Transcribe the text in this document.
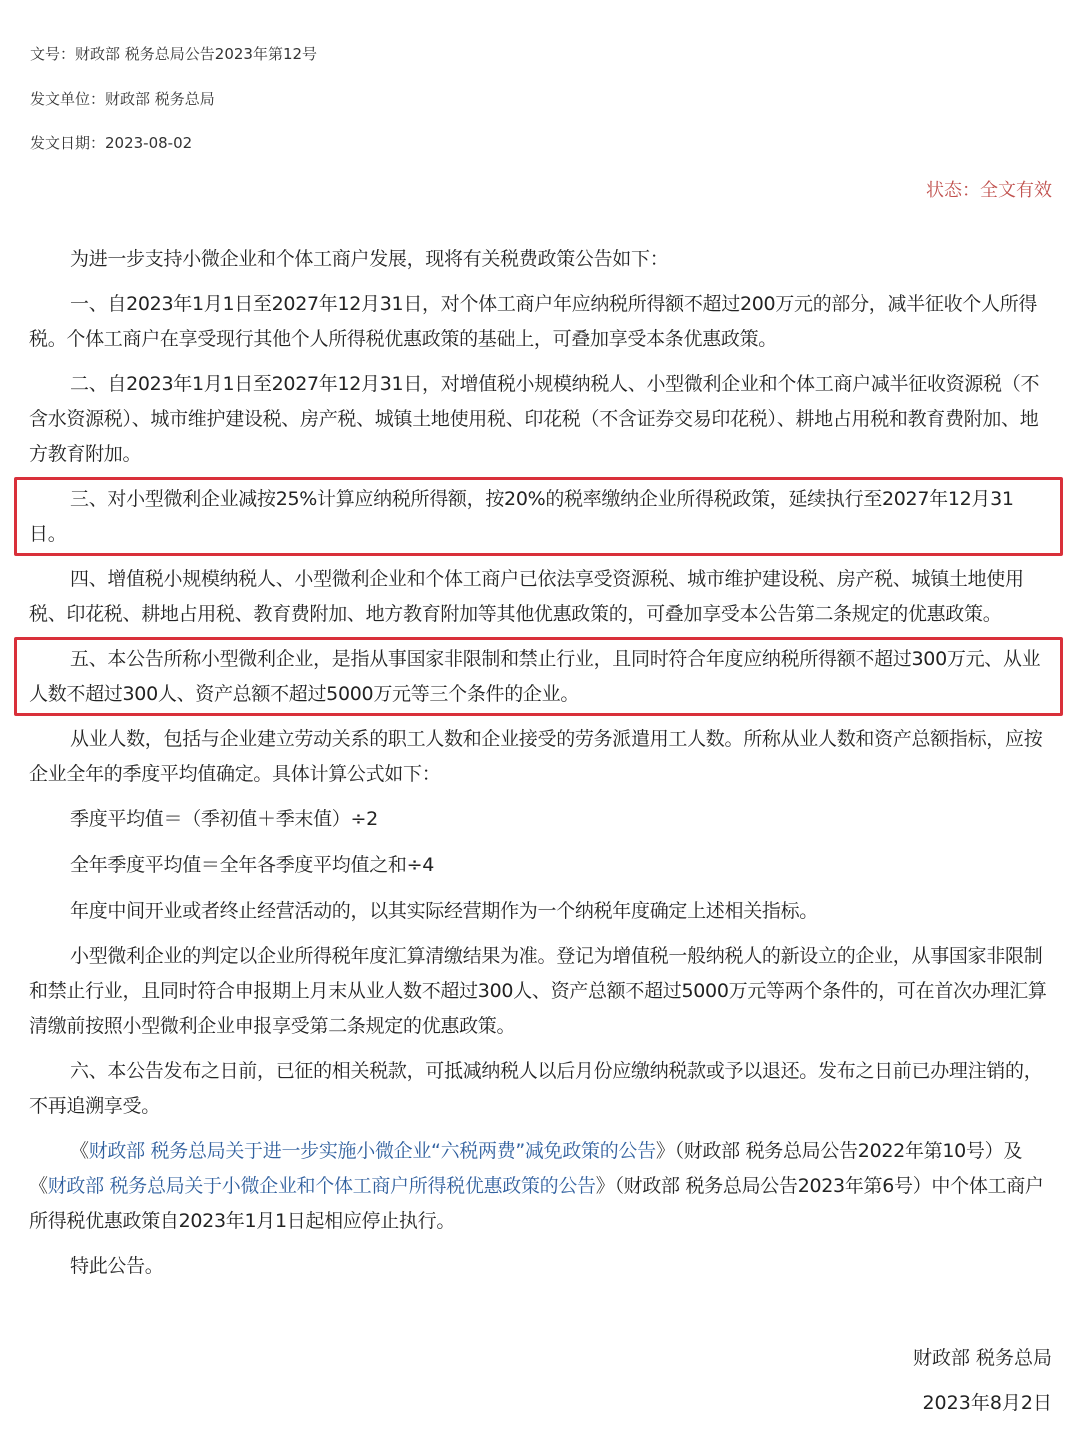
文号：财政部 税务总局公告2023年第12号
发文单位：财政部 税务总局
发文日期：2023-08-02
状态：全文有效

为进一步支持小微企业和个体工商户发展，现将有关税费政策公告如下：

一、自2023年1月1日至2027年12月31日，对个体工商户年应纳税所得额不超过200万元的部分，减半征收个人所得税。个体工商户在享受现行其他个人所得税优惠政策的基础上，可叠加享受本条优惠政策。

二、自2023年1月1日至2027年12月31日，对增值税小规模纳税人、小型微利企业和个体工商户减半征收资源税（不含水资源税）、城市维护建设税、房产税、城镇土地使用税、印花税（不含证券交易印花税）、耕地占用税和教育费附加、地方教育附加。

三、对小型微利企业减按25%计算应纳税所得额，按20%的税率缴纳企业所得税政策，延续执行至2027年12月31日。

四、增值税小规模纳税人、小型微利企业和个体工商户已依法享受资源税、城市维护建设税、房产税、城镇土地使用税、印花税、耕地占用税、教育费附加、地方教育附加等其他优惠政策的，可叠加享受本公告第二条规定的优惠政策。

五、本公告所称小型微利企业，是指从事国家非限制和禁止行业，且同时符合年度应纳税所得额不超过300万元、从业人数不超过300人、资产总额不超过5000万元等三个条件的企业。

从业人数，包括与企业建立劳动关系的职工人数和企业接受的劳务派遣用工人数。所称从业人数和资产总额指标，应按企业全年的季度平均值确定。具体计算公式如下：

季度平均值＝（季初值＋季末值）÷2

全年季度平均值＝全年各季度平均值之和÷4

年度中间开业或者终止经营活动的，以其实际经营期作为一个纳税年度确定上述相关指标。

小型微利企业的判定以企业所得税年度汇算清缴结果为准。登记为增值税一般纳税人的新设立的企业，从事国家非限制和禁止行业，且同时符合申报期上月末从业人数不超过300人、资产总额不超过5000万元等两个条件的，可在首次办理汇算清缴前按照小型微利企业申报享受第二条规定的优惠政策。

六、本公告发布之日前，已征的相关税款，可抵减纳税人以后月份应缴纳税款或予以退还。发布之日前已办理注销的，不再追溯享受。

《财政部 税务总局关于进一步实施小微企业“六税两费”减免政策的公告》（财政部 税务总局公告2022年第10号）及《财政部 税务总局关于小微企业和个体工商户所得税优惠政策的公告》（财政部 税务总局公告2023年第6号）中个体工商户所得税优惠政策自2023年1月1日起相应停止执行。

特此公告。

财政部 税务总局
2023年8月2日
